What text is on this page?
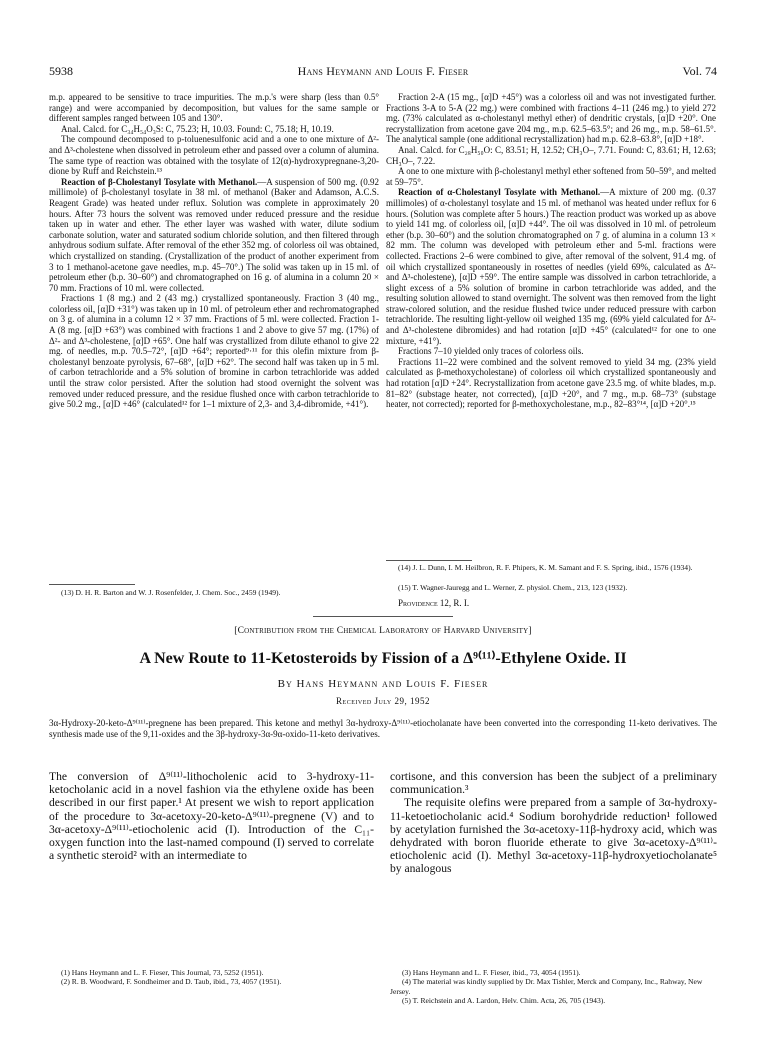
5938	Hans Heymann and Louis F. Fieser	Vol. 74

m.p. appeared to be sensitive to trace impurities. The m.p.'s were sharp (less than 0.5° range) and were accompanied by decomposition, but values for the same sample or different samples ranged between 105 and 130°.

Anal. Calcd. for C₃₄H₅₄O₃S: C, 75.23; H, 10.03. Found: C, 75.18; H, 10.19.

The compound decomposed to p-toluenesulfonic acid and a one to one mixture of Δ²- and Δ³-cholestene when dissolved in petroleum ether and passed over a column of alumina. The same type of reaction was obtained with the tosylate of 12(α)-hydroxypregnane-3,20-dione by Ruff and Reichstein.¹³

Reaction of β-Cholestanyl Tosylate with Methanol.—A suspension of 500 mg. (0.92 millimole) of β-cholestanyl tosylate in 38 ml. of methanol (Baker and Adamson, A.C.S. Reagent Grade) was heated under reflux. Solution was complete in approximately 20 hours. After 73 hours the solvent was removed under reduced pressure and the residue taken up in water and ether. The ether layer was washed with water, dilute sodium carbonate solution, water and saturated sodium chloride solution, and then filtered through anhydrous sodium sulfate. After removal of the ether 352 mg. of colorless oil was obtained, which crystallized on standing. (Crystallization of the product of another experiment from 3 to 1 methanol-acetone gave needles, m.p. 45–70°.) The solid was taken up in 15 ml. of petroleum ether (b.p. 30–60°) and chromatographed on 16 g. of alumina in a column 20 × 70 mm. Fractions of 10 ml. were collected.

Fractions 1 (8 mg.) and 2 (43 mg.) crystallized spontaneously. Fraction 3 (40 mg., colorless oil, [α]D +31°) was taken up in 10 ml. of petroleum ether and rechromatographed on 3 g. of alumina in a column 12 × 37 mm. Fractions of 5 ml. were collected. Fraction 1-A (8 mg. [α]D +63°) was combined with fractions 1 and 2 above to give 57 mg. (17%) of Δ²- and Δ³-cholestene, [α]D +65°. One half was crystallized from dilute ethanol to give 22 mg. of needles, m.p. 70.5–72°, [α]D +64°; reported⁹·¹¹ for this olefin mixture from β-cholestanyl benzoate pyrolysis, 67–68°, [α]D +62°. The second half was taken up in 5 ml. of carbon tetrachloride and a 5% solution of bromine in carbon tetrachloride was added until the straw color persisted. After the solution had stood overnight the solvent was removed under reduced pressure, and the residue flushed once with carbon tetrachloride to give 50.2 mg., [α]D +46° (calculated¹² for 1–1 mixture of 2,3- and 3,4-dibromide, +41°).

(13) D. H. R. Barton and W. J. Rosenfelder, J. Chem. Soc., 2459 (1949).

Fraction 2-A (15 mg., [α]D +45°) was a colorless oil and was not investigated further. Fractions 3-A to 5-A (22 mg.) were combined with fractions 4–11 (246 mg.) to yield 272 mg. (73% calculated as α-cholestanyl methyl ether) of dendritic crystals, [α]D +20°. One recrystallization from acetone gave 204 mg., m.p. 62.5–63.5°; and 26 mg., m.p. 58–61.5°. The analytical sample (one additional recrystallization) had m.p. 62.8–63.8°, [α]D +18°.

Anal. Calcd. for C₂₈H₅₀O: C, 83.51; H, 12.52; CH₃O–, 7.71. Found: C, 83.61; H, 12.63; CH₃O–, 7.22.

A one to one mixture with β-cholestanyl methyl ether softened from 50–59°, and melted at 59–75°.

Reaction of α-Cholestanyl Tosylate with Methanol.—A mixture of 200 mg. (0.37 millimoles) of α-cholestanyl tosylate and 15 ml. of methanol was heated under reflux for 6 hours. (Solution was complete after 5 hours.) The reaction product was worked up as above to yield 141 mg. of colorless oil, [α]D +44°. The oil was dissolved in 10 ml. of petroleum ether (b.p. 30–60°) and the solution chromatographed on 7 g. of alumina in a column 13 × 82 mm. The column was developed with petroleum ether and 5-ml. fractions were collected. Fractions 2–6 were combined to give, after removal of the solvent, 91.4 mg. of oil which crystallized spontaneously in rosettes of needles (yield 69%, calculated as Δ²- and Δ³-cholestene), [α]D +59°. The entire sample was dissolved in carbon tetrachloride, a slight excess of a 5% solution of bromine in carbon tetrachloride was added, and the resulting solution allowed to stand overnight. The solvent was then removed from the light straw-colored solution, and the residue flushed twice under reduced pressure with carbon tetrachloride. The resulting light-yellow oil weighed 135 mg. (69% yield calculated for Δ²- and Δ³-cholestene dibromides) and had rotation [α]D +45° (calculated¹² for one to one mixture, +41°).

Fractions 7–10 yielded only traces of colorless oils.

Fractions 11–22 were combined and the solvent removed to yield 34 mg. (23% yield calculated as β-methoxycholestane) of colorless oil which crystallized spontaneously and had rotation [α]D +24°. Recrystallization from acetone gave 23.5 mg. of white blades, m.p. 81–82° (substage heater, not corrected), [α]D +20°, and 7 mg., m.p. 68–73° (substage heater, not corrected); reported for β-methoxycholestane, m.p., 82–83°¹⁴, [α]D +20°.¹⁵

(14) J. L. Dunn, I. M. Heilbron, R. F. Phipers, K. M. Samant and F. S. Spring, ibid., 1576 (1934).
(15) T. Wagner-Jauregg and L. Werner, Z. physiol. Chem., 213, 123 (1932).
Providence 12, R. I.
[Contribution from the Chemical Laboratory of Harvard University]
A New Route to 11-Ketosteroids by Fission of a Δ⁹⁽¹¹⁾-Ethylene Oxide. II
By Hans Heymann and Louis F. Fieser
Received July 29, 1952
3α-Hydroxy-20-keto-Δ⁹⁽¹¹⁾-pregnene has been prepared. This ketone and methyl 3α-hydroxy-Δ⁹⁽¹¹⁾-etiocholanate have been converted into the corresponding 11-keto derivatives. The synthesis made use of the 9,11-oxides and the 3β-hydroxy-3α-9α-oxido-11-keto derivatives.
The conversion of Δ⁹⁽¹¹⁾-lithocholenic acid to 3-hydroxy-11-ketocholanic acid in a novel fashion via the ethylene oxide has been described in our first paper.¹ At present we wish to report application of the procedure to 3α-acetoxy-20-keto-Δ⁹⁽¹¹⁾-pregnene (V) and to 3α-acetoxy-Δ⁹⁽¹¹⁾-etiocholenic acid (I). Introduction of the C₁₁-oxygen function into the last-named compound (I) served to correlate a synthetic steroid² with an intermediate to

cortisone, and this conversion has been the subject of a preliminary communication.³

The requisite olefins were prepared from a sample of 3α-hydroxy-11-ketoetiocholanic acid.⁴ Sodium borohydride reduction¹ followed by acetylation furnished the 3α-acetoxy-11β-hydroxy acid, which was dehydrated with boron fluoride etherate to give 3α-acetoxy-Δ⁹⁽¹¹⁾-etiocholenic acid (I). Methyl 3α-acetoxy-11β-hydroxyetiocholanate⁵ by analogous

(1) Hans Heymann and L. F. Fieser, This Journal, 73, 5252 (1951).
(2) R. B. Woodward, F. Sondheimer and D. Taub, ibid., 73, 4057 (1951).
(3) Hans Heymann and L. F. Fieser, ibid., 73, 4054 (1951).
(4) The material was kindly supplied by Dr. Max Tishler, Merck and Company, Inc., Rahway, New Jersey.
(5) T. Reichstein and A. Lardon, Helv. Chim. Acta, 26, 705 (1943).
